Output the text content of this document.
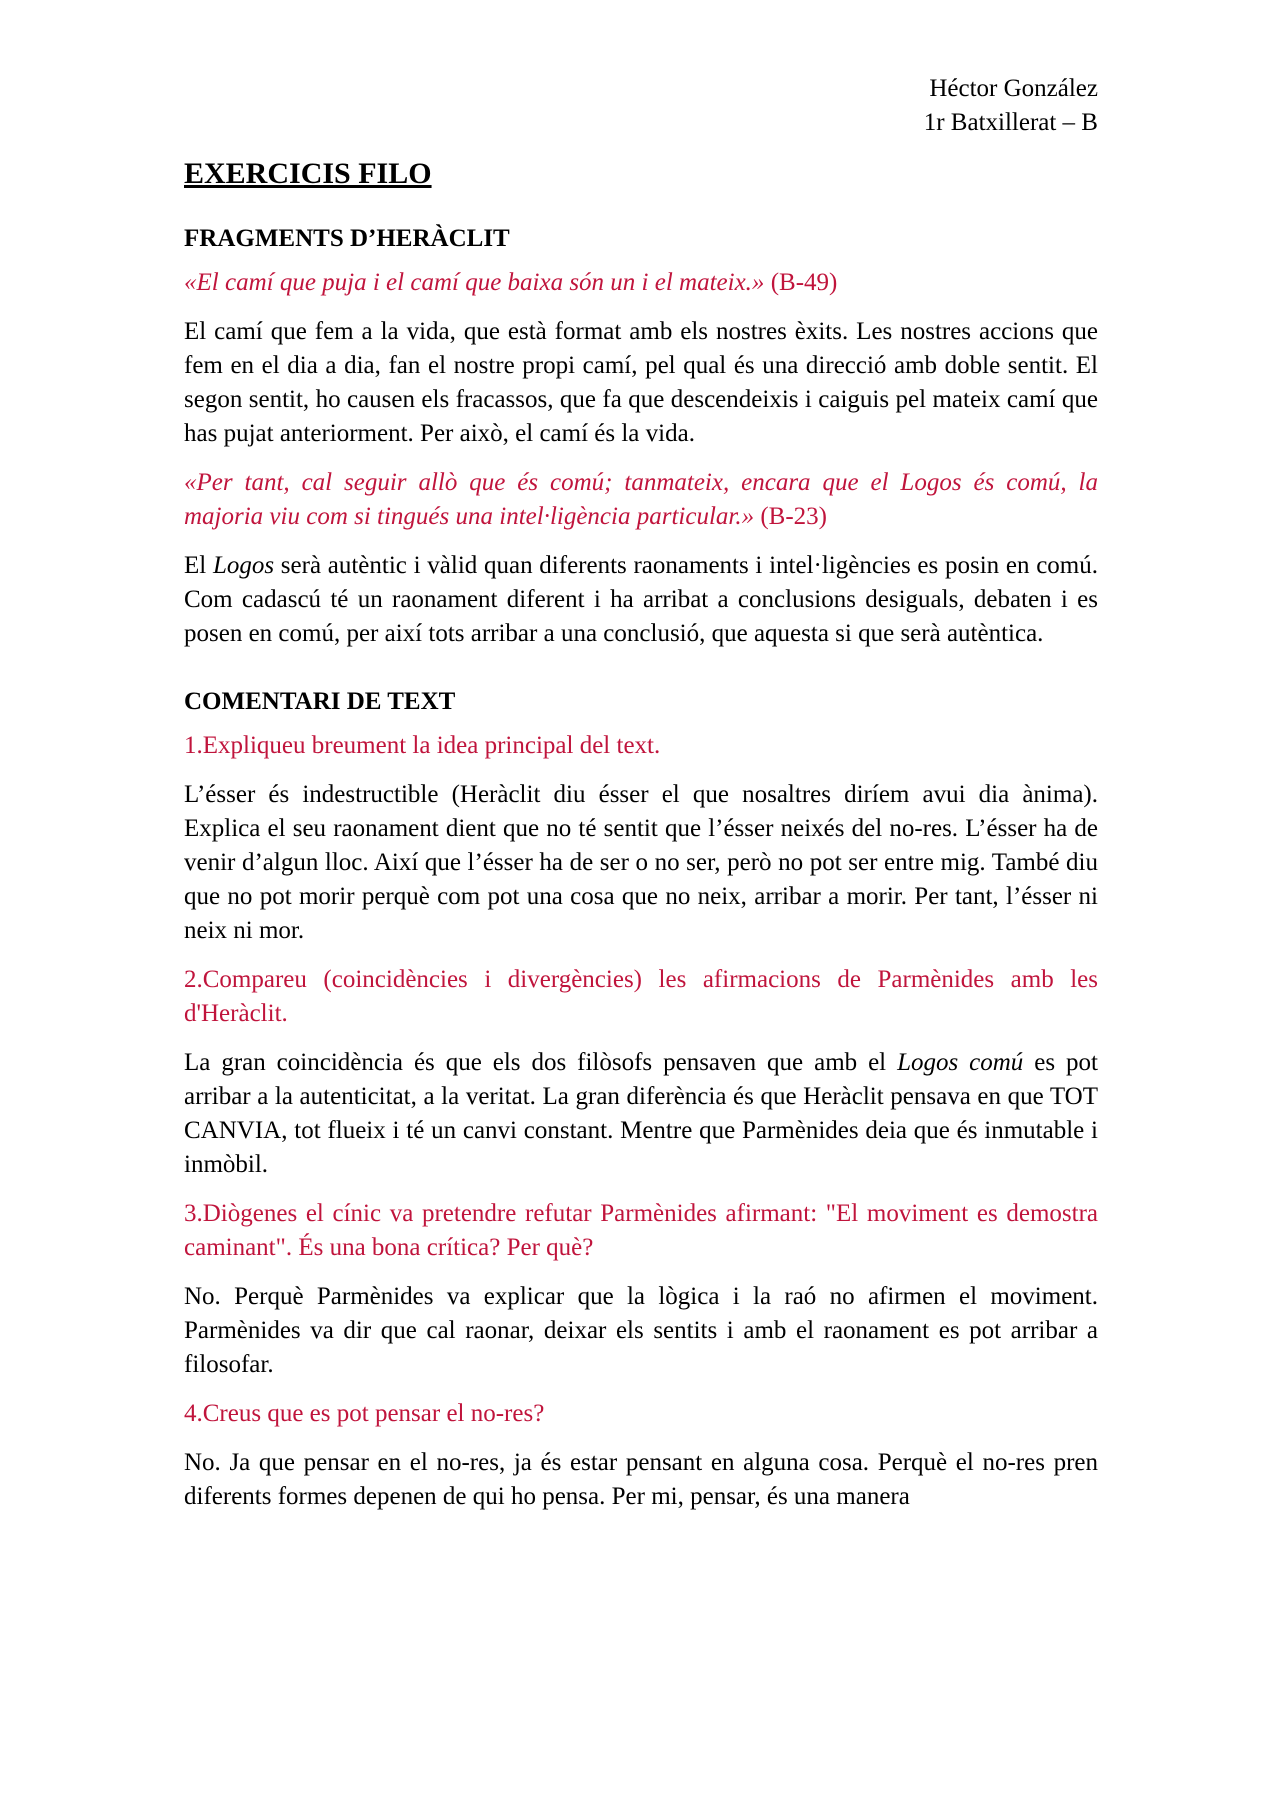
Héctor González
1r Batxillerat – B
EXERCICIS FILO
FRAGMENTS D’HERÀCLIT

«El camí que puja i el camí que baixa són un i el mateix.» (B-49)

El camí que fem a la vida, que està format amb els nostres èxits. Les nostres accions que fem en el dia a dia, fan el nostre propi camí, pel qual és una direcció amb doble sentit. El segon sentit, ho causen els fracassos, que fa que descendeixis i caiguis pel mateix camí que has pujat anteriorment. Per això, el camí és la vida.

«Per tant, cal seguir allò que és comú; tanmateix, encara que el Logos és comú, la majoria viu com si tingués una intel·ligència particular.» (B-23)

El Logos serà autèntic i vàlid quan diferents raonaments i intel·ligències es posin en comú. Com cadascú té un raonament diferent i ha arribat a conclusions desiguals, debaten i es posen en comú, per així tots arribar a una conclusió, que aquesta si que serà autèntica.

COMENTARI DE TEXT

1.Expliqueu breument la idea principal del text.

L’ésser és indestructible (Heràclit diu ésser el que nosaltres diríem avui dia ànima). Explica el seu raonament dient que no té sentit que l’ésser neixés del no-res. L’ésser ha de venir d’algun lloc. Així que l’ésser ha de ser o no ser, però no pot ser entre mig. També diu que no pot morir perquè com pot una cosa que no neix, arribar a morir. Per tant, l’ésser ni neix ni mor.

2.Compareu (coincidències i divergències) les afirmacions de Parmènides amb les d'Heràclit.

La gran coincidència és que els dos filòsofs pensaven que amb el Logos comú es pot arribar a la autenticitat, a la veritat. La gran diferència és que Heràclit pensava en que TOT CANVIA, tot flueix i té un canvi constant. Mentre que Parmènides deia que és inmutable i inmòbil.

3.Diògenes el cínic va pretendre refutar Parmènides afirmant: "El moviment es demostra caminant". És una bona crítica? Per què?

No. Perquè Parmènides va explicar que la lògica i la raó no afirmen el moviment. Parmènides va dir que cal raonar, deixar els sentits i amb el raonament es pot arribar a filosofar.

4.Creus que es pot pensar el no-res?

No. Ja que pensar en el no-res, ja és estar pensant en alguna cosa. Perquè el no-res pren diferents formes depenen de qui ho pensa. Per mi, pensar, és una manera
